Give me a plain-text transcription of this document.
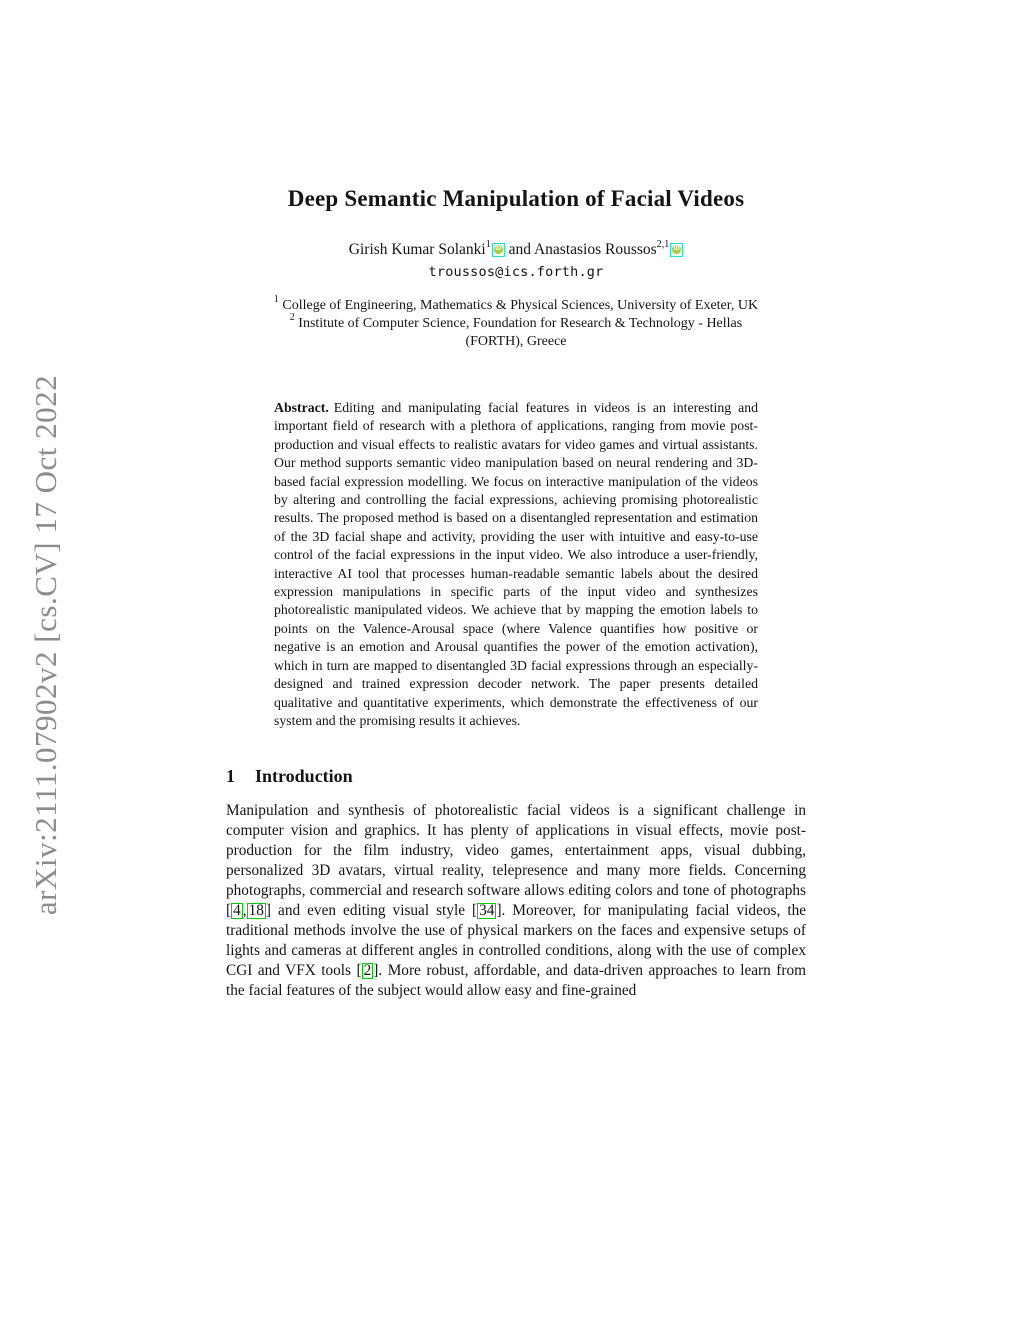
arXiv:2111.07902v2 [cs.CV] 17 Oct 2022
Deep Semantic Manipulation of Facial Videos
Girish Kumar Solanki$^1$ iD and Anastasios Roussos$^{2,1}$ iD
troussos@ics.forth.gr
$^1$ College of Engineering, Mathematics & Physical Sciences, University of Exeter, UK
$^2$ Institute of Computer Science, Foundation for Research & Technology - Hellas
(FORTH), Greece
Abstract. Editing and manipulating facial features in videos is an interesting and important field of research with a plethora of applications, ranging from movie post-production and visual effects to realistic avatars for video games and virtual assistants. Our method supports semantic video manipulation based on neural rendering and 3D-based facial expression modelling. We focus on interactive manipulation of the videos by altering and controlling the facial expressions, achieving promising photorealistic results. The proposed method is based on a disentangled representation and estimation of the 3D facial shape and activity, providing the user with intuitive and easy-to-use control of the facial expressions in the input video. We also introduce a user-friendly, interactive AI tool that processes human-readable semantic labels about the desired expression manipulations in specific parts of the input video and synthesizes photorealistic manipulated videos. We achieve that by mapping the emotion labels to points on the Valence-Arousal space (where Valence quantifies how positive or negative is an emotion and Arousal quantifies the power of the emotion activation), which in turn are mapped to disentangled 3D facial expressions through an especially-designed and trained expression decoder network. The paper presents detailed qualitative and quantitative experiments, which demonstrate the effectiveness of our system and the promising results it achieves.
1 Introduction

Manipulation and synthesis of photorealistic facial videos is a significant challenge in computer vision and graphics. It has plenty of applications in visual effects, movie post-production for the film industry, video games, entertainment apps, visual dubbing, personalized 3D avatars, virtual reality, telepresence and many more fields. Concerning photographs, commercial and research software allows editing colors and tone of photographs [ 4 , 18 ] and even editing visual style [ 34 ]. Moreover, for manipulating facial videos, the traditional methods involve the use of physical markers on the faces and expensive setups of lights and cameras at different angles in controlled conditions, along with the use of complex CGI and VFX tools [ 2 ]. More robust, affordable, and data-driven approaches to learn from the facial features of the subject would allow easy and fine-grained
